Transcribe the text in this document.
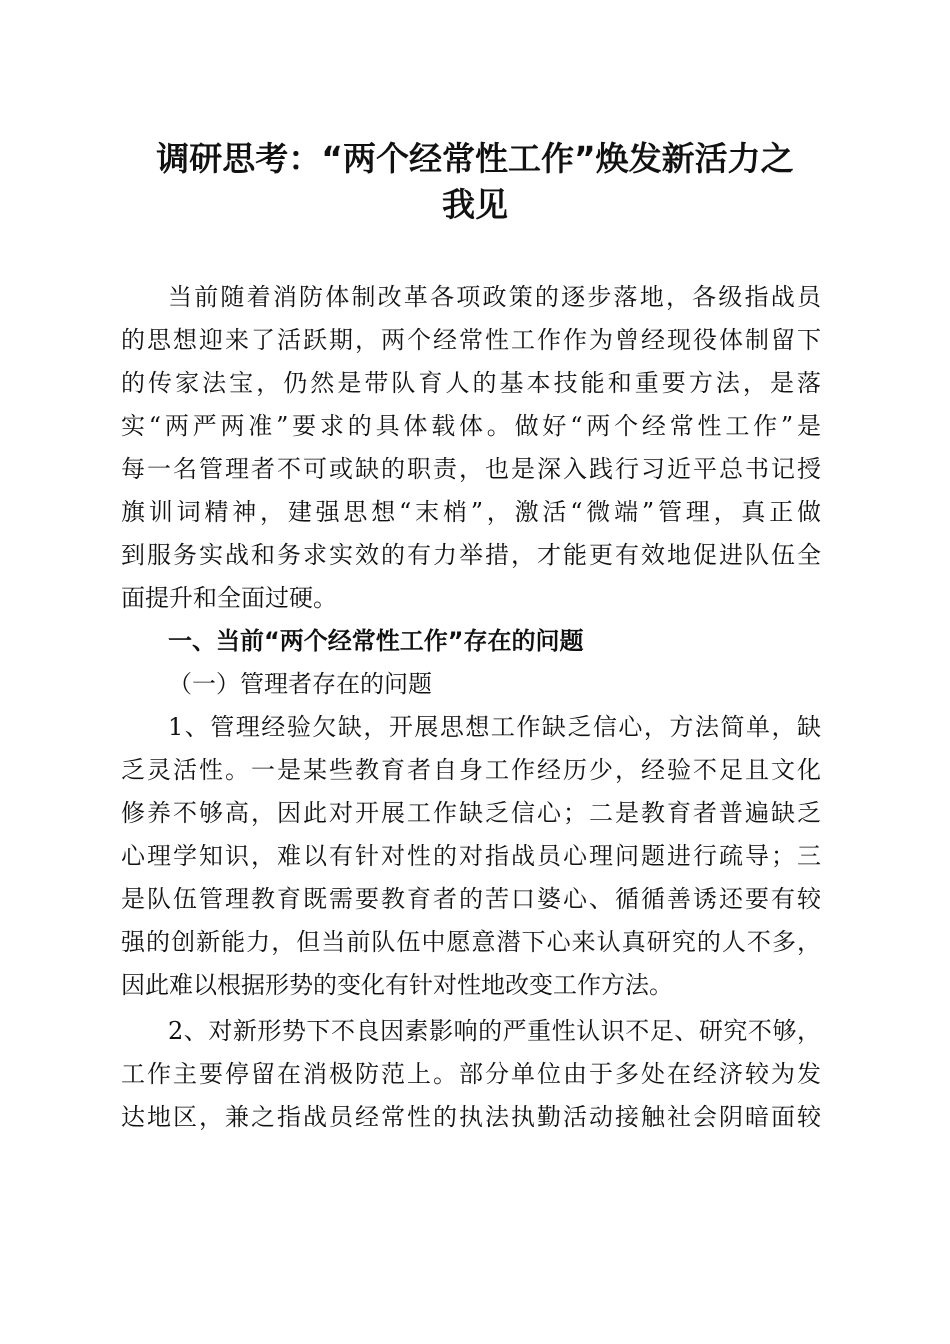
调研思考：“两个经常性工作”焕发新活力之
我见
当前随着消防体制改革各项政策的逐步落地，各级指战员
的思想迎来了活跃期，两个经常性工作作为曾经现役体制留下
的传家法宝，仍然是带队育人的基本技能和重要方法，是落
实“两严两准”要求的具体载体。做好“两个经常性工作”是
每一名管理者不可或缺的职责，也是深入践行习近平总书记授
旗训词精神，建强思想“末梢”，激活“微端”管理，真正做
到服务实战和务求实效的有力举措，才能更有效地促进队伍全
面提升和全面过硬。
一、当前“两个经常性工作”存在的问题
（一）管理者存在的问题
1、管理经验欠缺，开展思想工作缺乏信心，方法简单，缺
乏灵活性。一是某些教育者自身工作经历少，经验不足且文化
修养不够高，因此对开展工作缺乏信心；二是教育者普遍缺乏
心理学知识，难以有针对性的对指战员心理问题进行疏导；三
是队伍管理教育既需要教育者的苦口婆心、循循善诱还要有较
强的创新能力，但当前队伍中愿意潜下心来认真研究的人不多，
因此难以根据形势的变化有针对性地改变工作方法。
2、对新形势下不良因素影响的严重性认识不足、研究不够，
工作主要停留在消极防范上。部分单位由于多处在经济较为发
达地区，兼之指战员经常性的执法执勤活动接触社会阴暗面较
